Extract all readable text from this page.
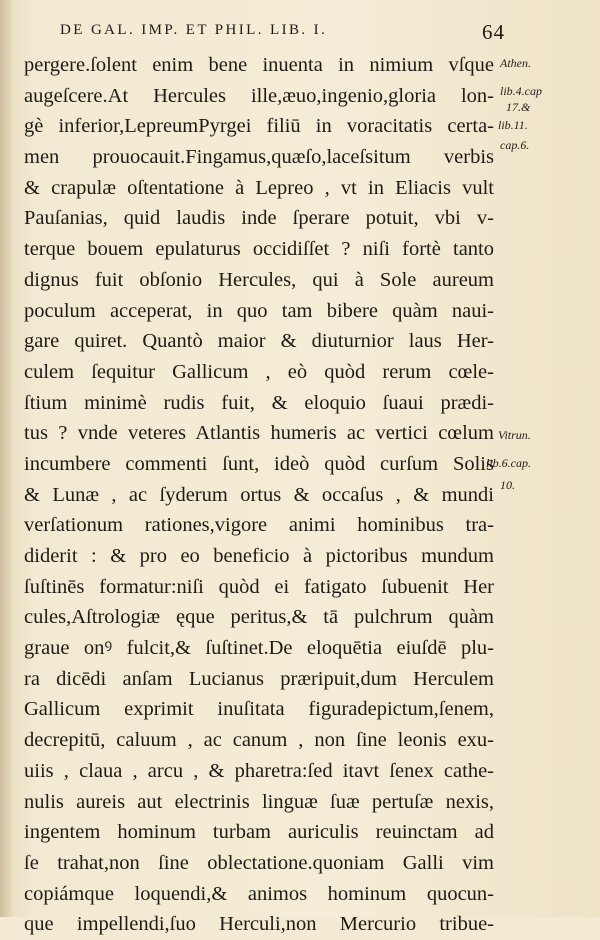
DE GAL. IMP. ET PHIL. LIB. I.	64
pergere.ſolent enim bene inuenta in nimium vſque
augeſcere.At Hercules ille,æuo,ingenio,gloria lon-
gè inferior,LepreumPyrgei filiū in voracitatis certa-
men prouocauit.Fingamus,quæſo,laceſsitum verbis
& crapulæ oſtentatione à Lepreo , vt in Eliacis vult
Pauſanias, quid laudis inde ſperare potuit, vbi v-
terque bouem epulaturus occidiſſet ? niſi fortè tanto
dignus fuit obſonio Hercules, qui à Sole aureum
poculum acceperat, in quo tam bibere quàm naui-
gare quiret. Quantò maior & diuturnior laus Her-
culem ſequitur Gallicum , eò quòd rerum cœle-
ſtium minimè rudis fuit, & eloquio ſuaui prædi-
tus ? vnde veteres Atlantis humeris ac vertici cœlum
incumbere commenti ſunt, ideò quòd curſum Solis
& Lunæ , ac ſyderum ortus & occaſus , & mundi
verſationum rationes,vigore animi hominibus tra-
diderit : & pro eo beneficio à pictoribus mundum
ſuſtinēs formatur:niſi quòd ei fatigato ſubuenit Her
cules,Aſtrologiæ ęque peritus,& tā pulchrum quàm
graue onꝰ fulcit,& ſuſtinet.De eloquētia eiuſdē plu-
ra dicēdi anſam Lucianus præripuit,dum Herculem
Gallicum exprimit inuſitata figuradepictum,ſenem,
decrepitū, caluum , ac canum , non ſine leonis exu-
uiis , claua , arcu , & pharetra:ſed itavt ſenex cathe-
nulis aureis aut electrinis linguæ ſuæ pertuſæ nexis,
ingentem hominum turbam auriculis reuinctam ad
ſe trahat,non ſine oblectatione.quoniam Galli vim
copiámque loquendi,& animos hominum quocun-
que impellendi,ſuo Herculi,non Mercurio tribue-
Athen.
lib.4.cap
17.&
lib.11.
cap.6.
Vitrun.
lib.6.cap.
10.
